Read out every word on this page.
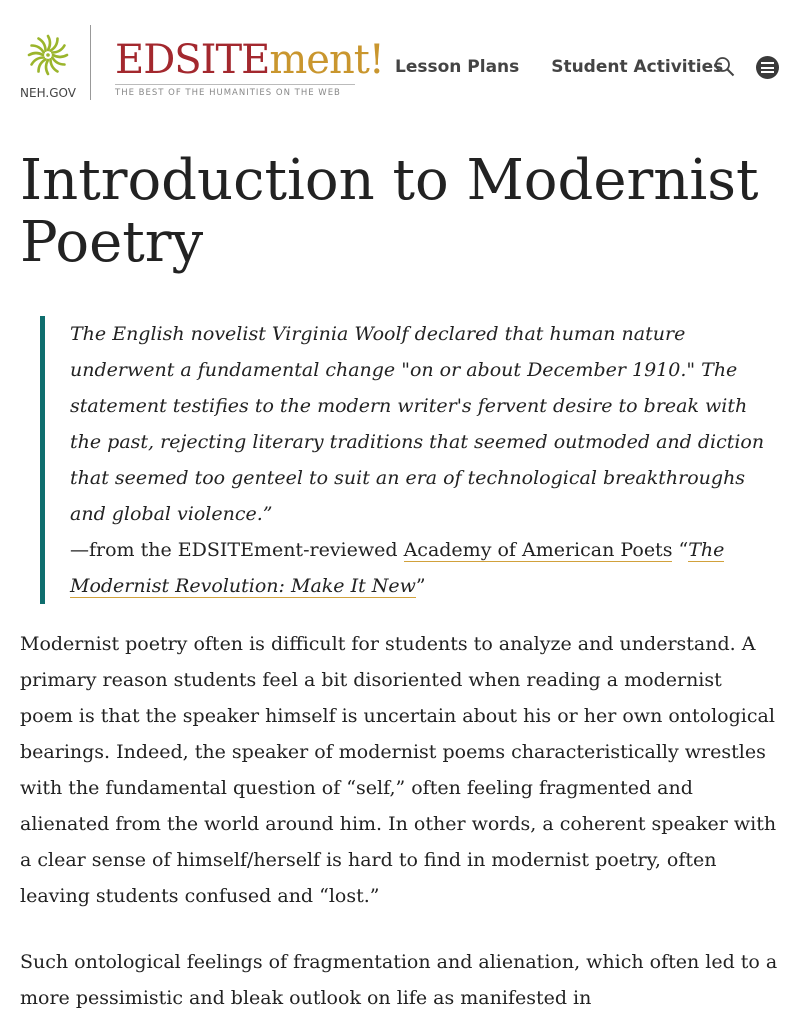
NEH.GOV
EDSITEment!
THE BEST OF THE HUMANITIES ON THE WEB
Lesson Plans Student Activities
Introduction to Modernist Poetry

The English novelist Virginia Woolf declared that human nature underwent a fundamental change "on or about December 1910." The statement testifies to the modern writer's fervent desire to break with the past, rejecting literary traditions that seemed outmoded and diction that seemed too genteel to suit an era of technological breakthroughs and global violence.”

—from the EDSITEment-reviewed Academy of American Poets “The Modernist Revolution: Make It New”

Modernist poetry often is difficult for students to analyze and understand. A primary reason students feel a bit disoriented when reading a modernist poem is that the speaker himself is uncertain about his or her own ontological bearings. Indeed, the speaker of modernist poems characteristically wrestles with the fundamental question of “self,” often feeling fragmented and alienated from the world around him. In other words, a coherent speaker with a clear sense of himself/herself is hard to find in modernist poetry, often leaving students confused and “lost.”

Such ontological feelings of fragmentation and alienation, which often led to a more pessimistic and bleak outlook on life as manifested in
